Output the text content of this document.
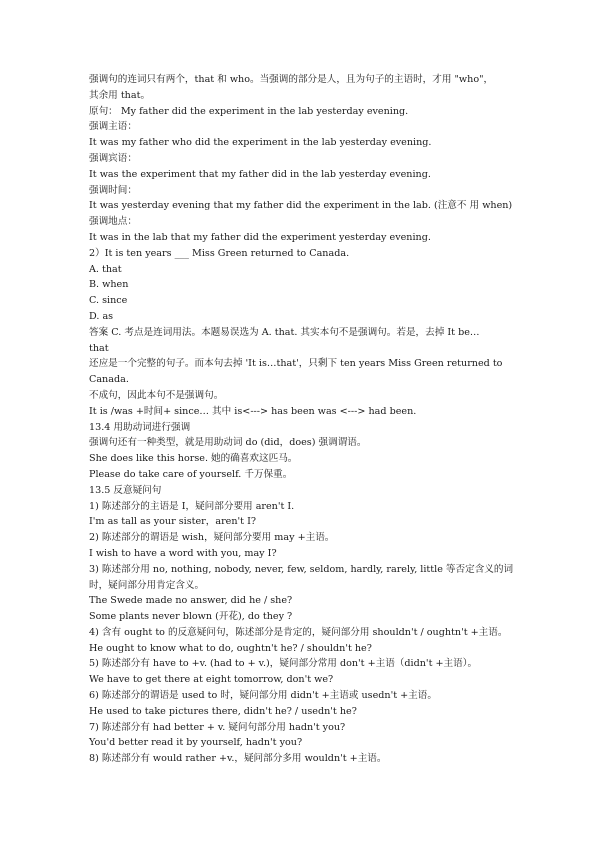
强调句的连词只有两个，that 和 who。当强调的部分是人，且为句子的主语时，才用 "who"，
其余用 that。
原句： My father did the experiment in the lab yesterday evening.
强调主语：
It was my father who did the experiment in the lab yesterday evening.
强调宾语：
It was the experiment that my father did in the lab yesterday evening.
强调时间：
It was yesterday evening that my father did the experiment in the lab. (注意不 用 when)
强调地点：
It was in the lab that my father did the experiment yesterday evening.
2）It is ten years ___ Miss Green returned to Canada.
A. that
B. when
C. since
D. as
答案 C. 考点是连词用法。本题易误选为 A. that. 其实本句不是强调句。若是，去掉 It be…
that
还应是一个完整的句子。而本句去掉 'It is…that'，只剩下 ten years Miss Green returned to
Canada.
不成句，因此本句不是强调句。
It is /was +时间+ since… 其中 is<---> has been was <---> had been.
13.4 用助动词进行强调
强调句还有一种类型，就是用助动词 do (did，does) 强调谓语。
She does like this horse. 她的确喜欢这匹马。
Please do take care of yourself. 千万保重。
13.5 反意疑问句
1) 陈述部分的主语是 I，疑问部分要用 aren't I.
I'm as tall as your sister，aren't I?
2) 陈述部分的谓语是 wish，疑问部分要用 may +主语。
I wish to have a word with you, may I?
3) 陈述部分用 no, nothing, nobody, never, few, seldom, hardly, rarely, little 等否定含义的词
时，疑问部分用肯定含义。
The Swede made no answer, did he / she?
Some plants never blown (开花), do they ?
4) 含有 ought to 的反意疑问句，陈述部分是肯定的，疑问部分用 shouldn't / oughtn't +主语。
He ought to know what to do, oughtn't he? / shouldn't he?
5) 陈述部分有 have to +v. (had to + v.)，疑问部分常用 don't +主语（didn't +主语）。
We have to get there at eight tomorrow, don't we?
6) 陈述部分的谓语是 used to 时，疑问部分用 didn't +主语或 usedn't +主语。
He used to take pictures there, didn't he? / usedn't he?
7) 陈述部分有 had better + v. 疑问句部分用 hadn't you?
You'd better read it by yourself, hadn't you?
8) 陈述部分有 would rather +v.，疑问部分多用 wouldn't +主语。
